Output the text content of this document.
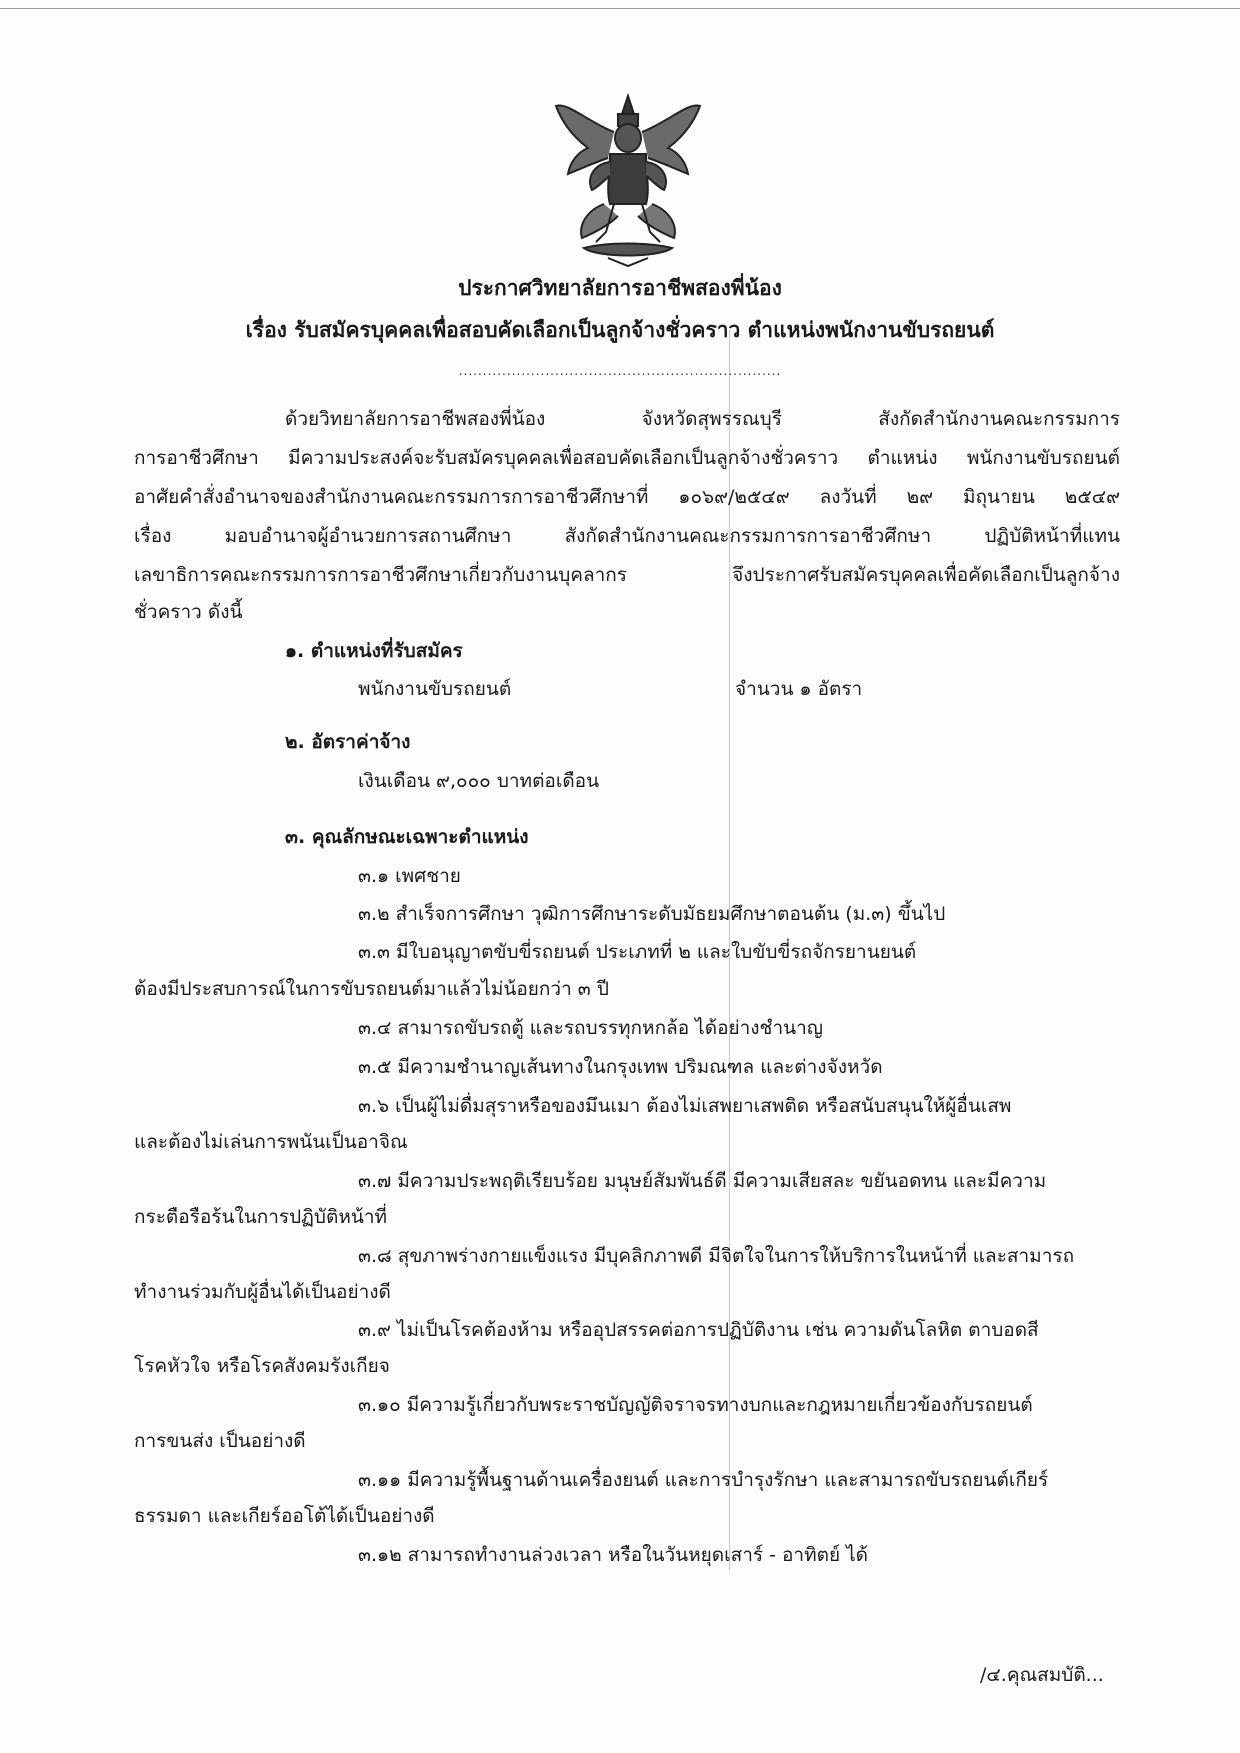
ประกาศวิทยาลัยการอาชีพสองพี่น้อง
เรื่อง รับสมัครบุคคลเพื่อสอบคัดเลือกเป็นลูกจ้างชั่วคราว ตำแหน่งพนักงานขับรถยนต์
...................................................................
ด้วยวิทยาลัยการอาชีพสองพี่น้อง จังหวัดสุพรรณบุรี สังกัดสำนักงานคณะกรรมการ
การอาชีวศึกษา มีความประสงค์จะรับสมัครบุคคลเพื่อสอบคัดเลือกเป็นลูกจ้างชั่วคราว ตำแหน่ง พนักงานขับรถยนต์
อาศัยคำสั่งอำนาจของสำนักงานคณะกรรมการการอาชีวศึกษาที่ ๑๐๖๙/๒๕๔๙ ลงวันที่ ๒๙ มิถุนายน ๒๕๔๙
เรื่อง มอบอำนาจผู้อำนวยการสถานศึกษา สังกัดสำนักงานคณะกรรมการการอาชีวศึกษา ปฏิบัติหน้าที่แทน
เลขาธิการคณะกรรมการการอาชีวศึกษาเกี่ยวกับงานบุคลากร จึงประกาศรับสมัครบุคคลเพื่อคัดเลือกเป็นลูกจ้าง
ชั่วคราว ดังนี้
๑. ตำแหน่งที่รับสมัคร
พนักงานขับรถยนต์	จำนวน ๑ อัตรา
๒. อัตราค่าจ้าง
เงินเดือน ๙,๐๐๐ บาทต่อเดือน
๓. คุณลักษณะเฉพาะตำแหน่ง
๓.๑ เพศชาย
๓.๒ สำเร็จการศึกษา วุฒิการศึกษาระดับมัธยมศึกษาตอนต้น (ม.๓) ขึ้นไป
๓.๓ มีใบอนุญาตขับขี่รถยนต์ ประเภทที่ ๒ และใบขับขี่รถจักรยานยนต์
ต้องมีประสบการณ์ในการขับรถยนต์มาแล้วไม่น้อยกว่า ๓ ปี
๓.๔ สามารถขับรถตู้ และรถบรรทุกหกล้อ ได้อย่างชำนาญ
๓.๕ มีความชำนาญเส้นทางในกรุงเทพ ปริมณฑล และต่างจังหวัด
๓.๖ เป็นผู้ไม่ดื่มสุราหรือของมึนเมา ต้องไม่เสพยาเสพติด หรือสนับสนุนให้ผู้อื่นเสพ
และต้องไม่เล่นการพนันเป็นอาจิณ
๓.๗ มีความประพฤติเรียบร้อย มนุษย์สัมพันธ์ดี มีความเสียสละ ขยันอดทน และมีความ
กระตือรือร้นในการปฏิบัติหน้าที่
๓.๘ สุขภาพร่างกายแข็งแรง มีบุคลิกภาพดี มีจิตใจในการให้บริการในหน้าที่ และสามารถ
ทำงานร่วมกับผู้อื่นได้เป็นอย่างดี
๓.๙ ไม่เป็นโรคต้องห้าม หรืออุปสรรคต่อการปฏิบัติงาน เช่น ความดันโลหิต ตาบอดสี
โรคหัวใจ หรือโรคสังคมรังเกียจ
๓.๑๐ มีความรู้เกี่ยวกับพระราชบัญญัติจราจรทางบกและกฎหมายเกี่ยวข้องกับรถยนต์
การขนส่ง เป็นอย่างดี
๓.๑๑ มีความรู้พื้นฐานด้านเครื่องยนต์ และการบำรุงรักษา และสามารถขับรถยนต์เกียร์
ธรรมดา และเกียร์ออโต้ได้เป็นอย่างดี
๓.๑๒ สามารถทำงานล่วงเวลา หรือในวันหยุดเสาร์ - อาทิตย์ ได้
/๔.คุณสมบัติ...
